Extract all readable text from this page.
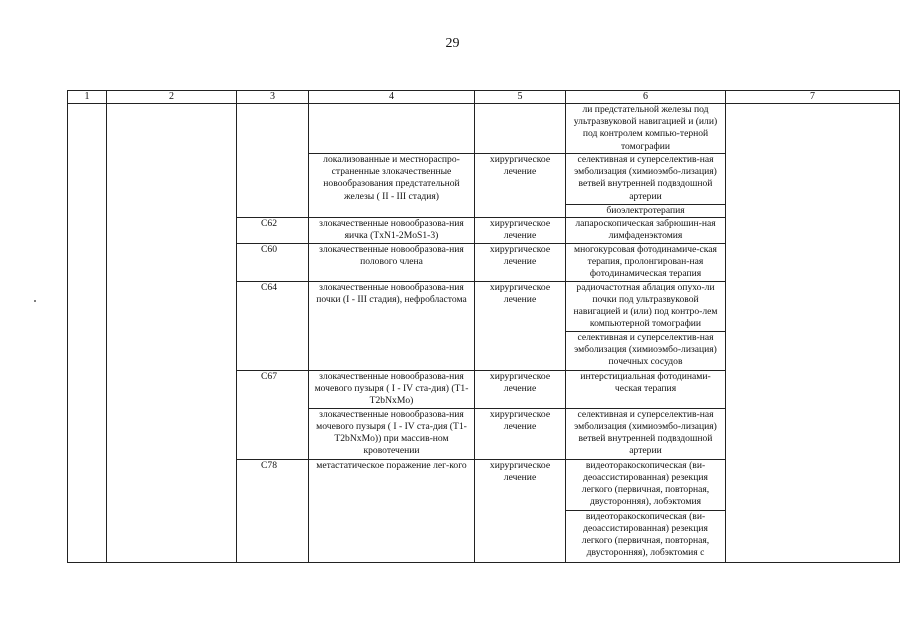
29
1	2	3	4	5	6	7
					ли предстательной железы под ультразвуковой навигацией и (или) под контролем компью-терной томографии	
			локализованные и местнораспро-страненные злокачественные новообразования предстательной железы ( II - III стадия)	хирургическое лечение	селективная и суперселектив-ная эмболизация (химиоэмбо-лизация) ветвей внутренней подвздошной артерии	
					биоэлектротерапия	
		С62	злокачественные новообразова-ния яичка (TxN1-2MoS1-3)	хирургическое лечение	лапароскопическая забрюшин-ная лимфаденэктомия	
		С60	злокачественные новообразова-ния полового члена	хирургическое лечение	многокурсовая фотодинамиче-ская терапия, пролонгирован-ная фотодинамическая терапия	
		С64	злокачественные новообразова-ния почки (I - III стадия), нефробластома	хирургическое лечение	радиочастотная аблация опухо-ли почки под ультразвуковой навигацией и (или) под контро-лем компьютерной томографии	
					селективная и суперселектив-ная эмболизация (химиоэмбо-лизация) почечных сосудов	
		С67	злокачественные новообразова-ния мочевого пузыря ( I - IV ста-дия) (T1-T2bNxMo)	хирургическое лечение	интерстициальная фотодинами-ческая терапия	
			злокачественные новообразова-ния мочевого пузыря ( I - IV ста-дия (T1-T2bNxMo)) при массив-ном кровотечении	хирургическое лечение	селективная и суперселектив-ная эмболизация (химиоэмбо-лизация) ветвей внутренней подвздошной артерии	
		С78	метастатическое поражение лег-кого	хирургическое лечение	видеоторакоскопическая (ви-деоассистированная) резекция легкого (первичная, повторная, двусторонняя), лобэктомия	
					видеоторакоскопическая (ви-деоассистированная) резекция легкого (первичная, повторная, двусторонняя), лобэктомия с	
